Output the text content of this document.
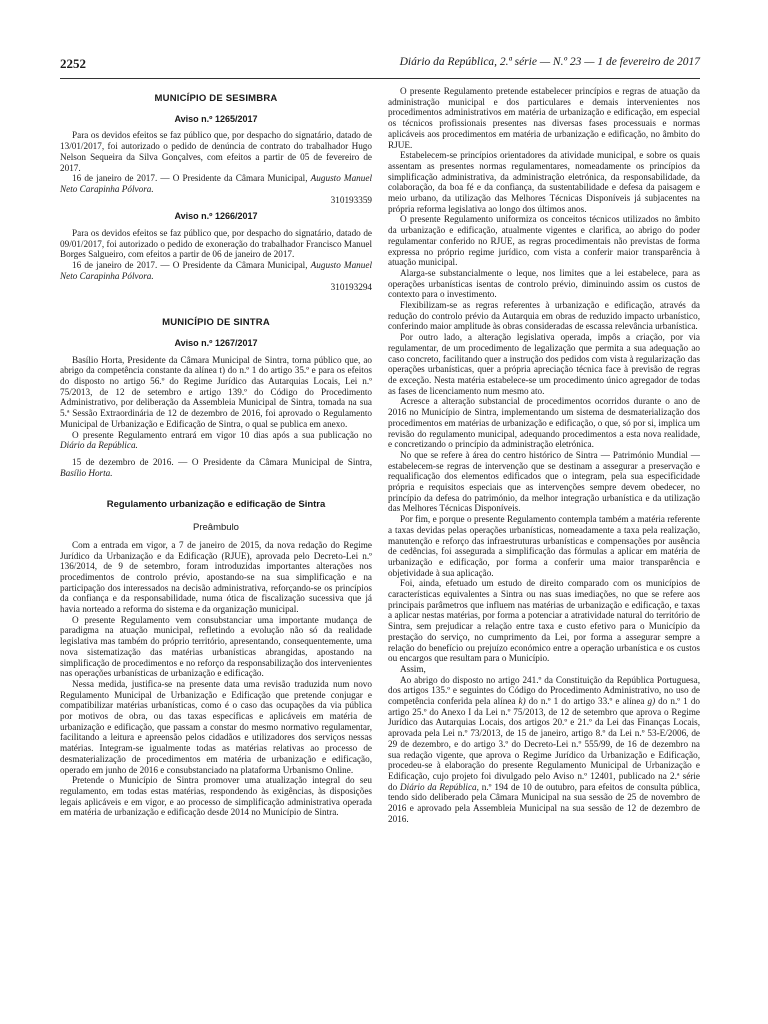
2252	Diário da República, 2.ª série — N.º 23 — 1 de fevereiro de 2017
MUNICÍPIO DE SESIMBRA
Aviso n.º 1265/2017

Para os devidos efeitos se faz público que, por despacho do signatário, datado de 13/01/2017, foi autorizado o pedido de denúncia de contrato do trabalhador Hugo Nelson Sequeira da Silva Gonçalves, com efeitos a partir de 05 de fevereiro de 2017.

16 de janeiro de 2017. — O Presidente da Câmara Municipal, Augusto Manuel Neto Carapinha Pólvora.

310193359

Aviso n.º 1266/2017

Para os devidos efeitos se faz público que, por despacho do signatário, datado de 09/01/2017, foi autorizado o pedido de exoneração do trabalhador Francisco Manuel Borges Salgueiro, com efeitos a partir de 06 de janeiro de 2017.

16 de janeiro de 2017. — O Presidente da Câmara Municipal, Augusto Manuel Neto Carapinha Pólvora.

310193294

MUNICÍPIO DE SINTRA
Aviso n.º 1267/2017

Basílio Horta, Presidente da Câmara Municipal de Sintra, torna público que, ao abrigo da competência constante da alínea t) do n.º 1 do artigo 35.º e para os efeitos do disposto no artigo 56.º do Regime Jurídico das Autarquias Locais, Lei n.º 75/2013, de 12 de setembro e artigo 139.º do Código do Procedimento Administrativo, por deliberação da Assembleia Municipal de Sintra, tomada na sua 5.ª Sessão Extraordinária de 12 de dezembro de 2016, foi aprovado o Regulamento Municipal de Urbanização e Edificação de Sintra, o qual se publica em anexo.

O presente Regulamento entrará em vigor 10 dias após a sua publicação no Diário da República.

15 de dezembro de 2016. — O Presidente da Câmara Municipal de Sintra, Basílio Horta.

Regulamento urbanização e edificação de Sintra
Preâmbulo

Com a entrada em vigor, a 7 de janeiro de 2015, da nova redação do Regime Jurídico da Urbanização e da Edificação (RJUE), aprovada pelo Decreto-Lei n.º 136/2014, de 9 de setembro, foram introduzidas importantes alterações nos procedimentos de controlo prévio, apostando-se na sua simplificação e na participação dos interessados na decisão administrativa, reforçando-se os princípios da confiança e da responsabilidade, numa ótica de fiscalização sucessiva que já havia norteado a reforma do sistema e da organização municipal.

O presente Regulamento vem consubstanciar uma importante mudança de paradigma na atuação municipal, refletindo a evolução não só da realidade legislativa mas também do próprio território, apresentando, consequentemente, uma nova sistematização das matérias urbanísticas abrangidas, apostando na simplificação de procedimentos e no reforço da responsabilização dos intervenientes nas operações urbanísticas de urbanização e edificação.

Nessa medida, justifica-se na presente data uma revisão traduzida num novo Regulamento Municipal de Urbanização e Edificação que pretende conjugar e compatibilizar matérias urbanísticas, como é o caso das ocupações da via pública por motivos de obra, ou das taxas específicas e aplicáveis em matéria de urbanização e edificação, que passam a constar do mesmo normativo regulamentar, facilitando a leitura e apreensão pelos cidadãos e utilizadores dos serviços nessas matérias. Integram-se igualmente todas as matérias relativas ao processo de desmaterialização de procedimentos em matéria de urbanização e edificação, operado em junho de 2016 e consubstanciado na plataforma Urbanismo Online.

Pretende o Município de Sintra promover uma atualização integral do seu regulamento, em todas estas matérias, respondendo às exigências, às disposições legais aplicáveis e em vigor, e ao processo de simplificação administrativa operada em matéria de urbanização e edificação desde 2014 no Município de Sintra.

O presente Regulamento pretende estabelecer princípios e regras de atuação da administração municipal e dos particulares e demais intervenientes nos procedimentos administrativos em matéria de urbanização e edificação, em especial os técnicos profissionais presentes nas diversas fases processuais e normas aplicáveis aos procedimentos em matéria de urbanização e edificação, no âmbito do RJUE.

Estabelecem-se princípios orientadores da atividade municipal, e sobre os quais assentam as presentes normas regulamentares, nomeadamente os princípios da simplificação administrativa, da administração eletrónica, da responsabilidade, da colaboração, da boa fé e da confiança, da sustentabilidade e defesa da paisagem e meio urbano, da utilização das Melhores Técnicas Disponíveis já subjacentes na própria reforma legislativa ao longo dos últimos anos.

O presente Regulamento uniformiza os conceitos técnicos utilizados no âmbito da urbanização e edificação, atualmente vigentes e clarifica, ao abrigo do poder regulamentar conferido no RJUE, as regras procedimentais não previstas de forma expressa no próprio regime jurídico, com vista a conferir maior transparência à atuação municipal.

Alarga-se substancialmente o leque, nos limites que a lei estabelece, para as operações urbanísticas isentas de controlo prévio, diminuindo assim os custos de contexto para o investimento.

Flexibilizam-se as regras referentes à urbanização e edificação, através da redução do controlo prévio da Autarquia em obras de reduzido impacto urbanístico, conferindo maior amplitude às obras consideradas de escassa relevância urbanística.

Por outro lado, a alteração legislativa operada, impôs a criação, por via regulamentar, de um procedimento de legalização que permita a sua adequação ao caso concreto, facilitando quer a instrução dos pedidos com vista à regularização das operações urbanísticas, quer a própria apreciação técnica face à previsão de regras de exceção. Nesta matéria estabelece-se um procedimento único agregador de todas as fases de licenciamento num mesmo ato.

Acresce a alteração substancial de procedimentos ocorridos durante o ano de 2016 no Município de Sintra, implementando um sistema de desmaterialização dos procedimentos em matérias de urbanização e edificação, o que, só por si, implica um revisão do regulamento municipal, adequando procedimentos a esta nova realidade, e concretizando o princípio da administração eletrónica.

No que se refere à área do centro histórico de Sintra — Património Mundial — estabelecem-se regras de intervenção que se destinam a assegurar a preservação e requalificação dos elementos edificados que o integram, pela sua especificidade própria e requisitos especiais que as intervenções sempre devem obedecer, no princípio da defesa do património, da melhor integração urbanística e da utilização das Melhores Técnicas Disponíveis.

Por fim, e porque o presente Regulamento contempla também a matéria referente a taxas devidas pelas operações urbanísticas, nomeadamente a taxa pela realização, manutenção e reforço das infraestruturas urbanísticas e compensações por ausência de cedências, foi assegurada a simplificação das fórmulas a aplicar em matéria de urbanização e edificação, por forma a conferir uma maior transparência e objetividade à sua aplicação.

Foi, ainda, efetuado um estudo de direito comparado com os municípios de características equivalentes a Sintra ou nas suas imediações, no que se refere aos principais parâmetros que influem nas matérias de urbanização e edificação, e taxas a aplicar nestas matérias, por forma a potenciar a atratividade natural do território de Sintra, sem prejudicar a relação entre taxa e custo efetivo para o Município da prestação do serviço, no cumprimento da Lei, por forma a assegurar sempre a relação do benefício ou prejuízo económico entre a operação urbanística e os custos ou encargos que resultam para o Município.

Assim,

Ao abrigo do disposto no artigo 241.º da Constituição da República Portuguesa, dos artigos 135.º e seguintes do Código do Procedimento Administrativo, no uso de competência conferida pela alínea k) do n.º 1 do artigo 33.º e alínea g) do n.º 1 do artigo 25.º do Anexo I da Lei n.º 75/2013, de 12 de setembro que aprova o Regime Jurídico das Autarquias Locais, dos artigos 20.º e 21.º da Lei das Finanças Locais, aprovada pela Lei n.º 73/2013, de 15 de janeiro, artigo 8.º da Lei n.º 53-E/2006, de 29 de dezembro, e do artigo 3.º do Decreto-Lei n.º 555/99, de 16 de dezembro na sua redação vigente, que aprova o Regime Jurídico da Urbanização e Edificação, procedeu-se à elaboração do presente Regulamento Municipal de Urbanização e Edificação, cujo projeto foi divulgado pelo Aviso n.º 12401, publicado na 2.ª série do Diário da República, n.º 194 de 10 de outubro, para efeitos de consulta pública, tendo sido deliberado pela Câmara Municipal na sua sessão de 25 de novembro de 2016 e aprovado pela Assembleia Municipal na sua sessão de 12 de dezembro de 2016.
